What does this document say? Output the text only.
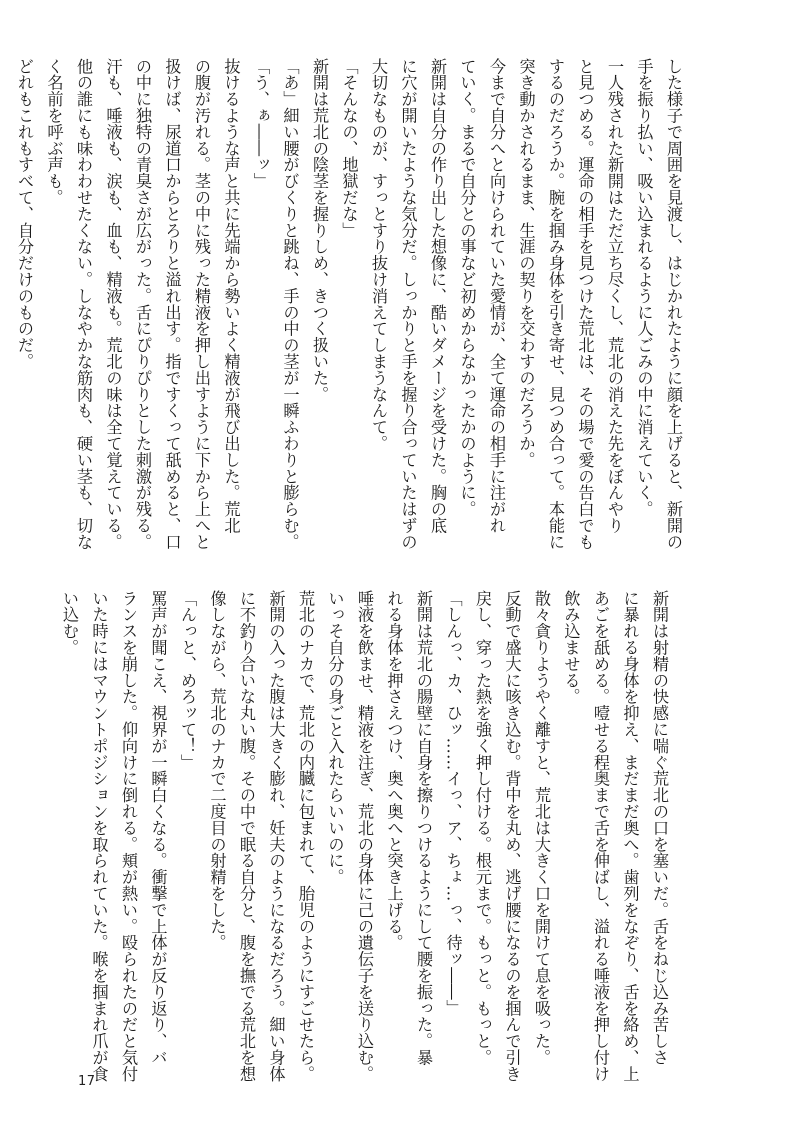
した様子で周囲を見渡し、はじかれたように顔を上げると、新開の
手を振り払い、吸い込まれるように人ごみの中に消えていく。
一人残された新開はただ立ち尽くし、荒北の消えた先をぼんやり
と見つめる。運命の相手を見つけた荒北は、その場で愛の告白でも
するのだろうか。腕を掴み身体を引き寄せ、見つめ合って。本能に
突き動かされるまま、生涯の契りを交わすのだろうか。
今まで自分へと向けられていた愛情が、全て運命の相手に注がれ
ていく。まるで自分との事など初めからなかったかのように。
新開は自分の作り出した想像に、酷いダメージを受けた。胸の底
に穴が開いたような気分だ。しっかりと手を握り合っていたはずの
大切なものが、すっとすり抜け消えてしまうなんて。
「そんなの、地獄だな」
新開は荒北の陰茎を握りしめ、きつく扱いた。
「あ」細い腰がびくりと跳ね、手の中の茎が一瞬ふわりと膨らむ。
「う、ぁ――ッ」
抜けるような声と共に先端から勢いよく精液が飛び出した。荒北
の腹が汚れる。茎の中に残った精液を押し出すように下から上へと
扱けば、尿道口からとろりと溢れ出す。指ですくって舐めると、口
の中に独特の青臭さが広がった。舌にぴりぴりとした刺激が残る。
汗も、唾液も、涙も、血も、精液も。荒北の味は全て覚えている。
他の誰にも味わわせたくない。しなやかな筋肉も、硬い茎も、切な
く名前を呼ぶ声も。
どれもこれもすべて、自分だけのものだ。
新開は射精の快感に喘ぐ荒北の口を塞いだ。舌をねじ込み苦しさ
に暴れる身体を抑え、まだまだ奥へ。歯列をなぞり、舌を絡め、上
あごを舐める。噎せる程奥まで舌を伸ばし、溢れる唾液を押し付け
飲み込ませる。
散々貪りようやく離すと、荒北は大きく口を開けて息を吸った。
反動で盛大に咳き込む。背中を丸め、逃げ腰になるのを掴んで引き
戻し、穿った熱を強く押し付ける。根元まで。もっと。もっと。
「しんっ、カ、ひッ……イっ、ア、ちょ…っ、待ッ――」
新開は荒北の腸壁に自身を擦りつけるようにして腰を振った。暴
れる身体を押さえつけ、奥へ奥へと突き上げる。
唾液を飲ませ、精液を注ぎ、荒北の身体に己の遺伝子を送り込む。
いっそ自分の身ごと入れたらいいのに。
荒北のナカで、荒北の内臓に包まれて、胎児のようにすごせたら。
新開の入った腹は大きく膨れ、妊夫のようになるだろう。細い身体
に不釣り合いな丸い腹。その中で眠る自分と、腹を撫でる荒北を想
像しながら、荒北のナカで二度目の射精をした。
「んっと、めろッて！」
罵声が聞こえ、視界が一瞬白くなる。衝撃で上体が反り返り、バ
ランスを崩した。仰向けに倒れる。頬が熱い。殴られたのだと気付
いた時にはマウントポジションを取られていた。喉を掴まれ爪が食
い込む。
17
